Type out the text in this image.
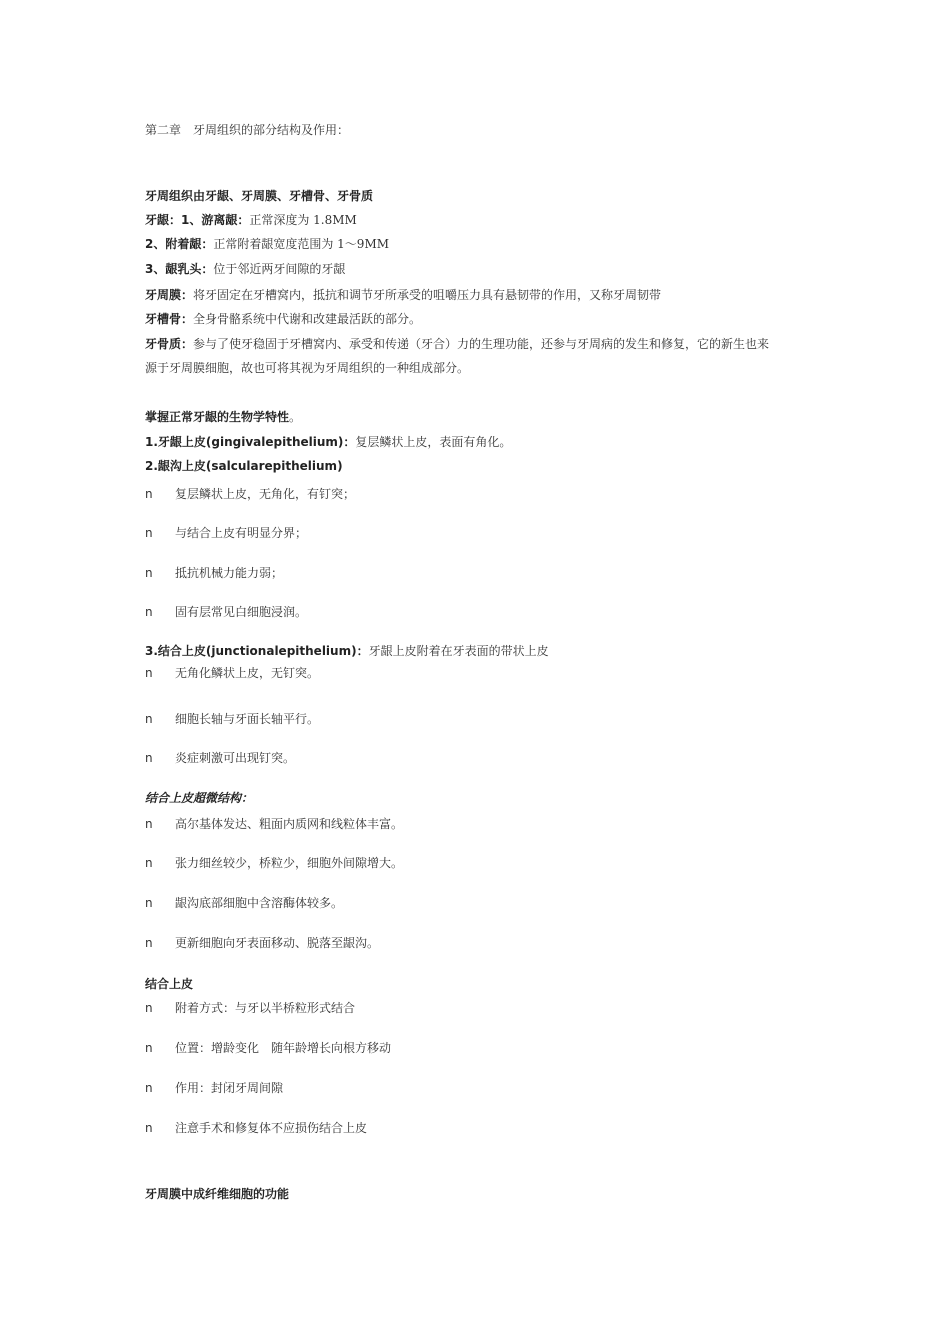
第二章　牙周组织的部分结构及作用：
牙周组织由牙龈、牙周膜、牙槽骨、牙骨质
牙龈：1、游离龈：正常深度为 1.8MM
2、附着龈：正常附着龈宽度范围为 1～9MM
3、龈乳头：位于邻近两牙间隙的牙龈
牙周膜：将牙固定在牙槽窝内，抵抗和调节牙所承受的咀嚼压力具有悬韧带的作用，又称牙周韧带
牙槽骨：全身骨骼系统中代谢和改建最活跃的部分。
牙骨质：参与了使牙稳固于牙槽窝内、承受和传递（牙合）力的生理功能，还参与牙周病的发生和修复，它的新生也来
源于牙周膜细胞，故也可将其视为牙周组织的一种组成部分。
掌握正常牙龈的生物学特性。
1.牙龈上皮(gingivalepithelium)：复层鳞状上皮，表面有角化。
2.龈沟上皮(salcularepithelium)
n 复层鳞状上皮，无角化，有钉突；
n 与结合上皮有明显分界；
n 抵抗机械力能力弱；
n 固有层常见白细胞浸润。
3.结合上皮(junctionalepithelium)：牙龈上皮附着在牙表面的带状上皮
n 无角化鳞状上皮，无钉突。
n 细胞长轴与牙面长轴平行。
n 炎症刺激可出现钉突。
结合上皮超微结构：
n 高尔基体发达、粗面内质网和线粒体丰富。
n 张力细丝较少，桥粒少，细胞外间隙增大。
n 龈沟底部细胞中含溶酶体较多。
n 更新细胞向牙表面移动、脱落至龈沟。
结合上皮
n 附着方式：与牙以半桥粒形式结合
n 位置：增龄变化　随年龄增长向根方移动
n 作用：封闭牙周间隙
n 注意手术和修复体不应损伤结合上皮
牙周膜中成纤维细胞的功能
